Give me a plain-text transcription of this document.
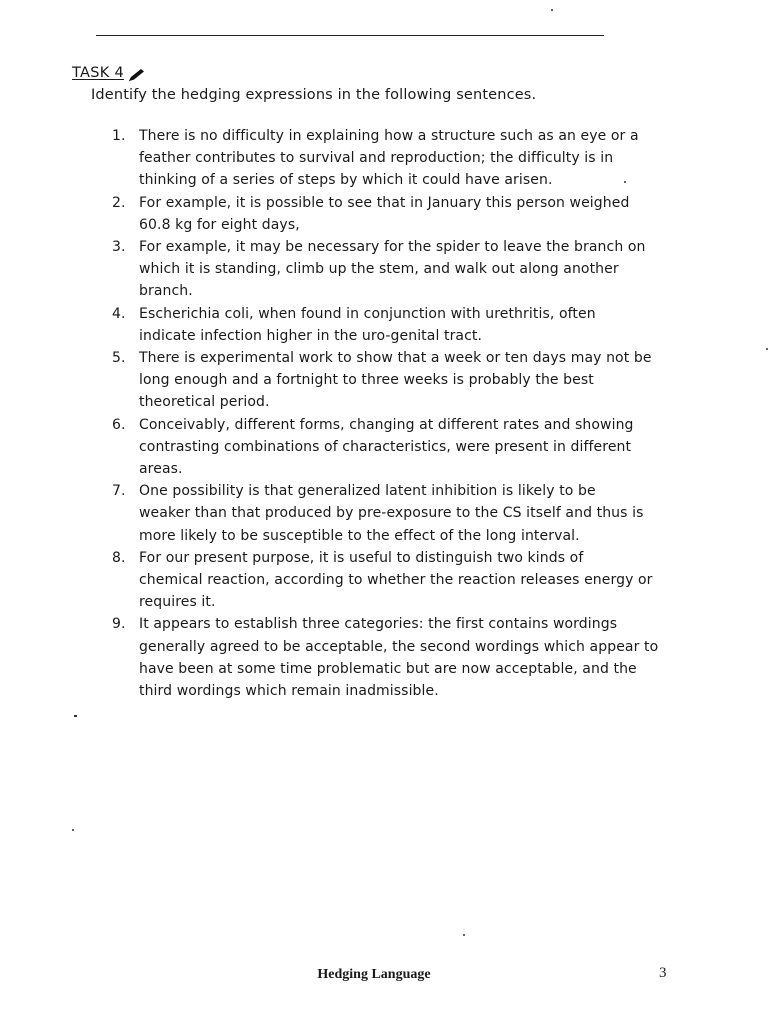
TASK 4
Identify the hedging expressions in the following sentences.
1. There is no difficulty in explaining how a structure such as an eye or a
feather contributes to survival and reproduction; the difficulty is in
thinking of a series of steps by which it could have arisen.
2. For example, it is possible to see that in January this person weighed
60.8 kg for eight days,
3. For example, it may be necessary for the spider to leave the branch on
which it is standing, climb up the stem, and walk out along another
branch.
4. Escherichia coli, when found in conjunction with urethritis, often
indicate infection higher in the uro-genital tract.
5. There is experimental work to show that a week or ten days may not be
long enough and a fortnight to three weeks is probably the best
theoretical period.
6. Conceivably, different forms, changing at different rates and showing
contrasting combinations of characteristics, were present in different
areas.
7. One possibility is that generalized latent inhibition is likely to be
weaker than that produced by pre-exposure to the CS itself and thus is
more likely to be susceptible to the effect of the long interval.
8. For our present purpose, it is useful to distinguish two kinds of
chemical reaction, according to whether the reaction releases energy or
requires it.
9. It appears to establish three categories: the first contains wordings
generally agreed to be acceptable, the second wordings which appear to
have been at some time problematic but are now acceptable, and the
third wordings which remain inadmissible.
Hedging Language	3
